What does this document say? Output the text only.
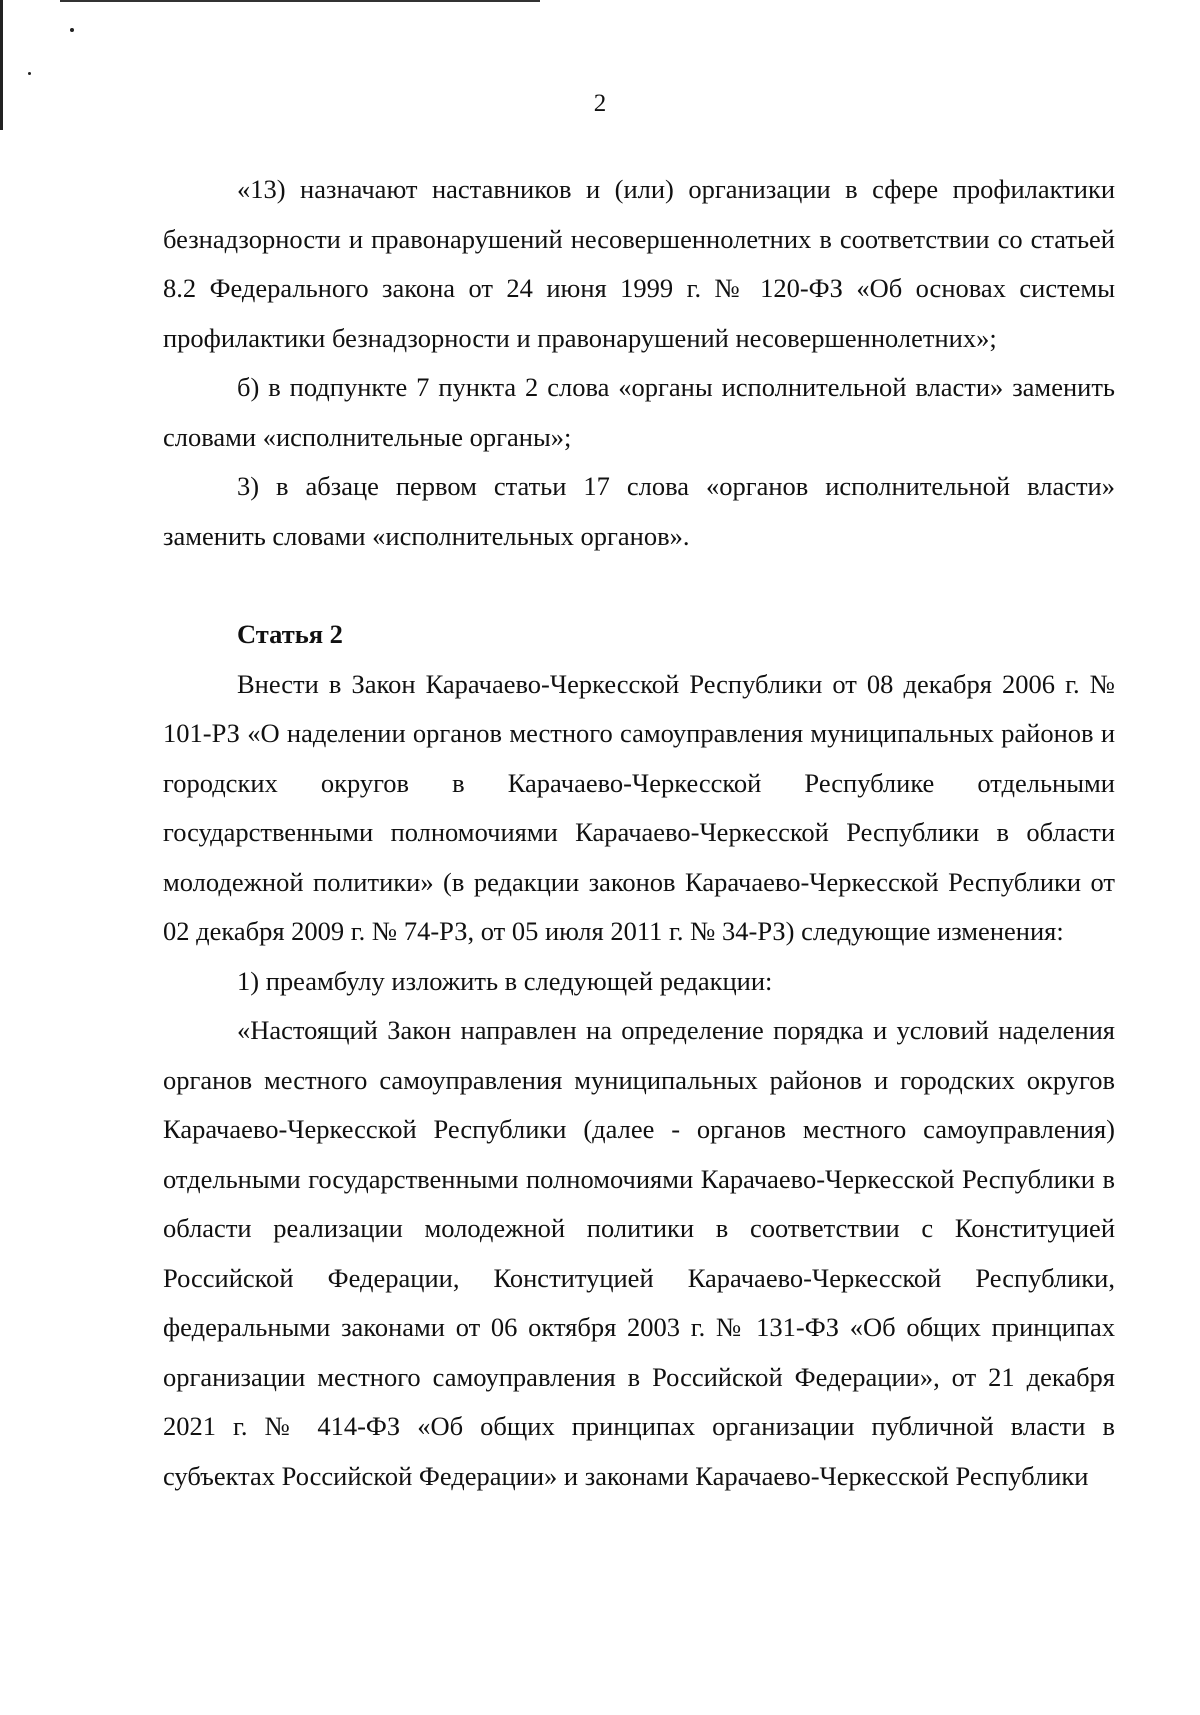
2

«13) назначают наставников и (или) организации в сфере профилактики безнадзорности и правонарушений несовершеннолетних в соответствии со статьей 8.2 Федерального закона от 24 июня 1999 г. № 120-ФЗ «Об основах системы профилактики безнадзорности и правонарушений несовершеннолетних»;

б) в подпункте 7 пункта 2 слова «органы исполнительной власти» заменить словами «исполнительные органы»;

3) в абзаце первом статьи 17 слова «органов исполнительной власти» заменить словами «исполнительных органов».

Статья 2

Внести в Закон Карачаево-Черкесской Республики от 08 декабря 2006 г. № 101-РЗ «О наделении органов местного самоуправления муниципальных районов и городских округов в Карачаево-Черкесской Республике отдельными государственными полномочиями Карачаево-Черкесской Республики в области молодежной политики» (в редакции законов Карачаево-Черкесской Республики от 02 декабря 2009 г. № 74-РЗ, от 05 июля 2011 г. № 34-РЗ) следующие изменения:

1) преамбулу изложить в следующей редакции:

«Настоящий Закон направлен на определение порядка и условий наделения органов местного самоуправления муниципальных районов и городских округов Карачаево-Черкесской Республики (далее - органов местного самоуправления) отдельными государственными полномочиями Карачаево-Черкесской Республики в области реализации молодежной политики в соответствии с Конституцией Российской Федерации, Конституцией Карачаево-Черкесской Республики, федеральными законами от 06 октября 2003 г. № 131-ФЗ «Об общих принципах организации местного самоуправления в Российской Федерации», от 21 декабря 2021 г. № 414-ФЗ «Об общих принципах организации публичной власти в субъектах Российской Федерации» и законами Карачаево-Черкесской Республики
